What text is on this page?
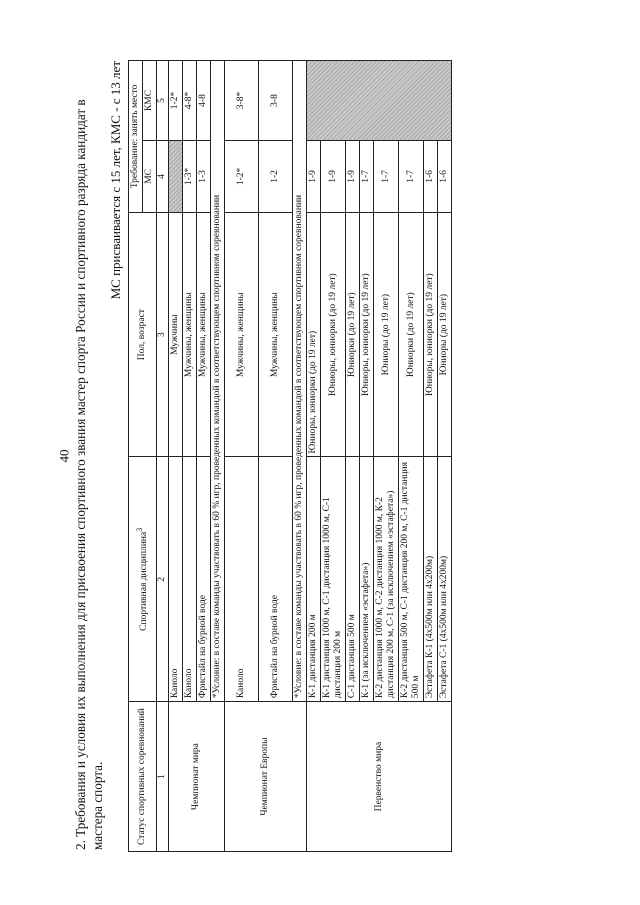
40 2. Требования и условия их выполнения для присвоения спортивного звания мастер спорта России и спортивного разряда кандидат в мастера спорта.
МС присваивается с 15 лет, КМС - с 13 лет
Статус спортивных соревнований	Спортивная дисциплина$^3$	Пол, возраст	Требование: занять место	
			МС	КМС
1	2	3	4	5
Чемпионат мира	Каноло	Мужчины		1-2*
	Каноло	Мужчины, женщины	1-3*	4-8*
	Фристайл на бурной воде	Мужчины, женщины	1-3	4-8
	*Условие: в составе команды участвовать в 60 % игр, проведенных командой в соответствующем спортивном соревновании			
Чемпионат Европы	Каноло	Мужчины, женщины	1-2*	3-8*
	Фристайл на бурной воде	Мужчины, женщины	1-2	3-8
	*Условие: в составе команды участвовать в 60 % игр, проведенных командой в соответствующем спортивном соревновании			
Первенство мира	К-1 дистанция 200 м	Юниоры, юниорки (до 19 лет)	1-9	
	К-1 дистанция 1000 м, С-1 дистанция 1000 м, С-1 дистанция 200 м	Юниоры, юниорки (до 19 лет)	1-9	
	С-1 дистанция 500 м	Юниорки (до 19 лет)	1-9	
	К-1 (за исключением «эстафета»)	Юниоры, юниорки (до 19 лет)	1-7	
	К-2 дистанция 1000 м, С-2 дистанция 1000 м, К-2 дистанция 200 м, С-1 (за исключением «эстафета»)	Юниоры (до 19 лет)	1-7	
	К-2 дистанция 500 м, С-1 дистанция 200 м, С-1 дистанция 500 м	Юниорки (до 19 лет)	1-7	
	Эстафета К-1 (4х500м или 4х200м)	Юниоры, юниорки (до 19 лет)	1-6	
	Эстафета С-1 (4х500м или 4х200м)	Юниоры (до 19 лет)	1-6	
